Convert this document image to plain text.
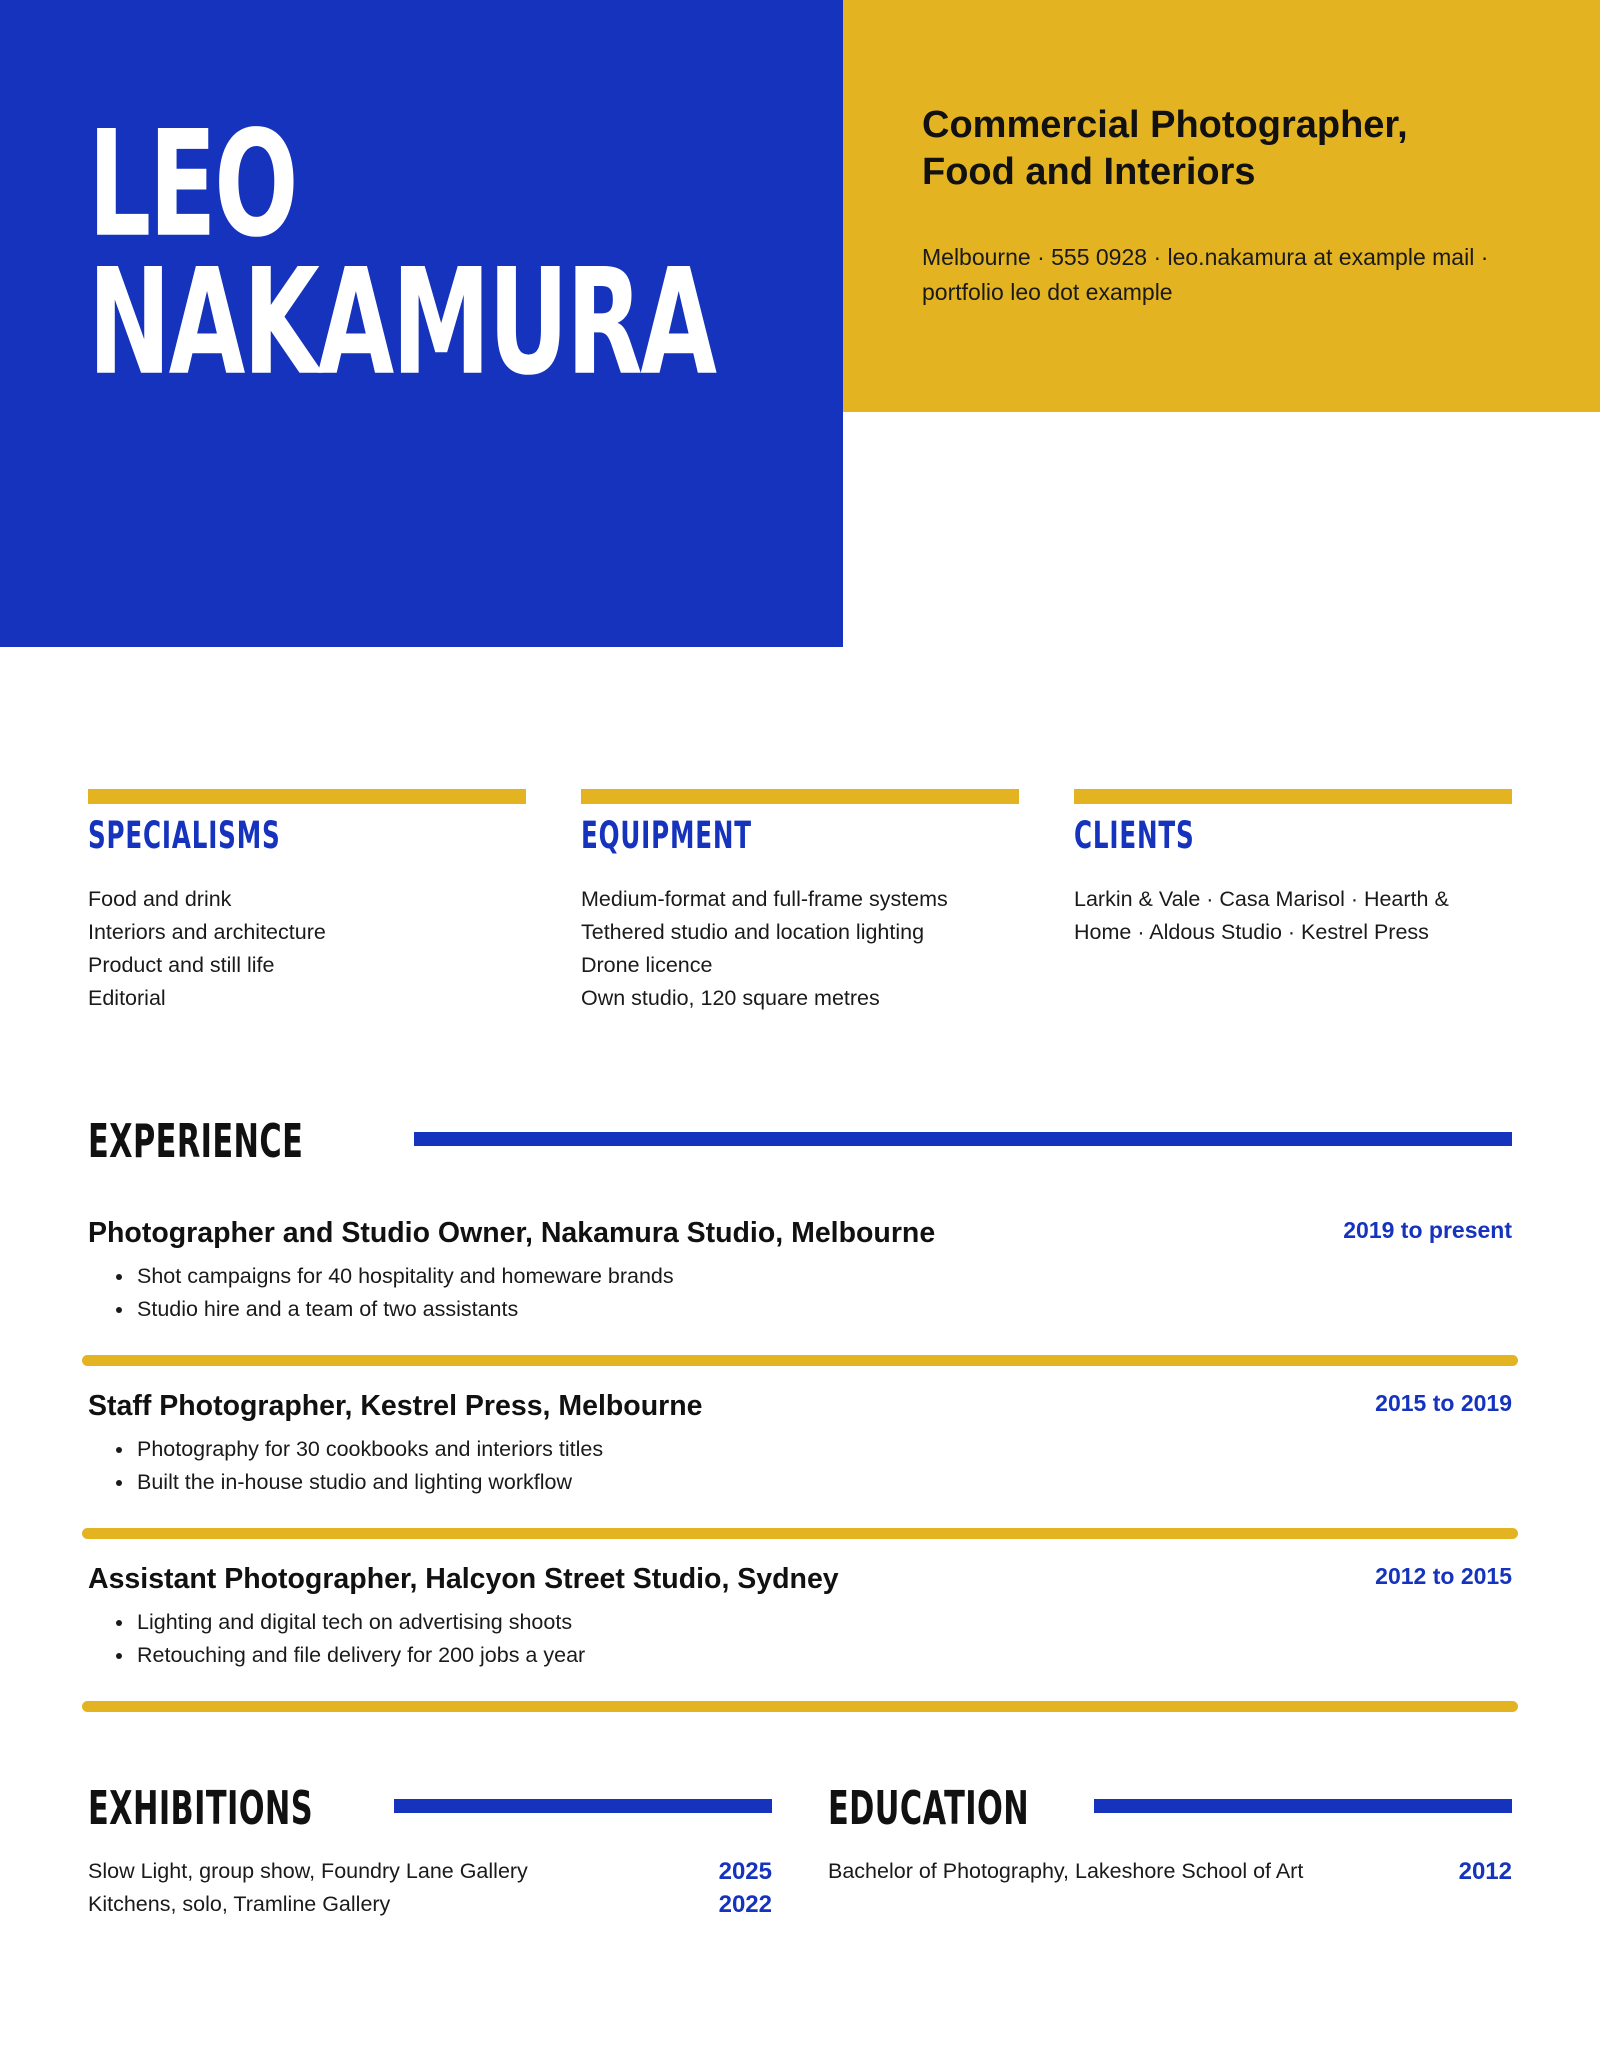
LEO
NAKAMURA
Commercial Photographer,
Food and Interiors
Melbourne · 555 0928 · leo.nakamura at example mail · portfolio leo dot example
SPECIALISMS
Food and drink
Interiors and architecture
Product and still life
Editorial
EQUIPMENT
Medium-format and full-frame systems
Tethered studio and location lighting
Drone licence
Own studio, 120 square metres
CLIENTS
Larkin & Vale · Casa Marisol · Hearth & Home · Aldous Studio · Kestrel Press
EXPERIENCE
Photographer and Studio Owner, Nakamura Studio, Melbourne	2019 to present
• Shot campaigns for 40 hospitality and homeware brands
• Studio hire and a team of two assistants
Staff Photographer, Kestrel Press, Melbourne	2015 to 2019
• Photography for 30 cookbooks and interiors titles
• Built the in-house studio and lighting workflow
Assistant Photographer, Halcyon Street Studio, Sydney	2012 to 2015
• Lighting and digital tech on advertising shoots
• Retouching and file delivery for 200 jobs a year
EXHIBITIONS
Slow Light, group show, Foundry Lane Gallery	2025
Kitchens, solo, Tramline Gallery	2022
EDUCATION
Bachelor of Photography, Lakeshore School of Art	2012
